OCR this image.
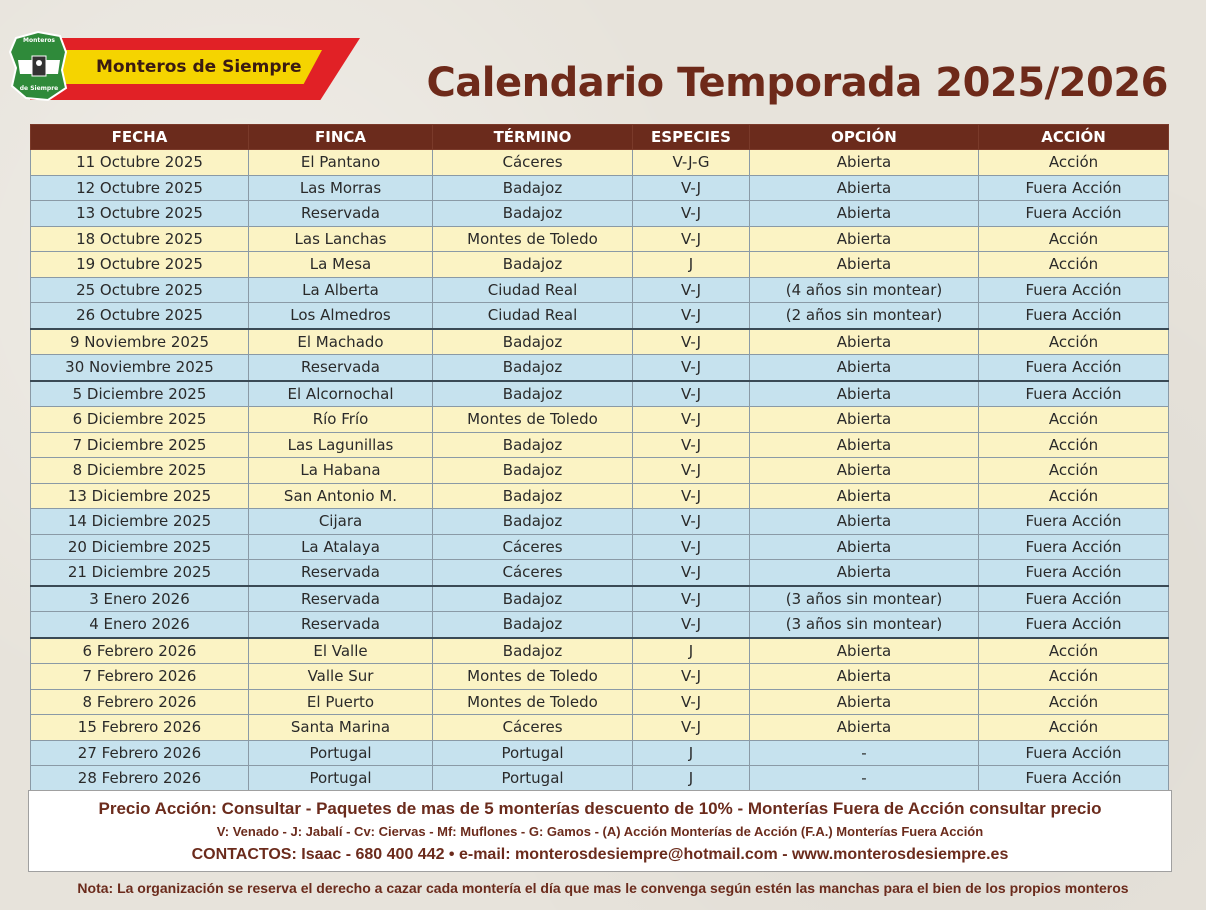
Monteros de Siempre
Monteros
de Siempre	Calendario Temporada 2025/2026
FECHA	FINCA	TÉRMINO	ESPECIES	OPCIÓN	ACCIÓN
11 Octubre 2025	El Pantano	Cáceres	V-J-G	Abierta	Acción
12 Octubre 2025	Las Morras	Badajoz	V-J	Abierta	Fuera Acción
13 Octubre 2025	Reservada	Badajoz	V-J	Abierta	Fuera Acción
18 Octubre 2025	Las Lanchas	Montes de Toledo	V-J	Abierta	Acción
19 Octubre 2025	La Mesa	Badajoz	J	Abierta	Acción
25 Octubre 2025	La Alberta	Ciudad Real	V-J	(4 años sin montear)	Fuera Acción
26 Octubre 2025	Los Almedros	Ciudad Real	V-J	(2 años sin montear)	Fuera Acción
9 Noviembre 2025	El Machado	Badajoz	V-J	Abierta	Acción
30 Noviembre 2025	Reservada	Badajoz	V-J	Abierta	Fuera Acción
5 Diciembre 2025	El Alcornochal	Badajoz	V-J	Abierta	Fuera Acción
6 Diciembre 2025	Río Frío	Montes de Toledo	V-J	Abierta	Acción
7 Diciembre 2025	Las Lagunillas	Badajoz	V-J	Abierta	Acción
8 Diciembre 2025	La Habana	Badajoz	V-J	Abierta	Acción
13 Diciembre 2025	San Antonio M.	Badajoz	V-J	Abierta	Acción
14 Diciembre 2025	Cijara	Badajoz	V-J	Abierta	Fuera Acción
20 Diciembre 2025	La Atalaya	Cáceres	V-J	Abierta	Fuera Acción
21 Diciembre 2025	Reservada	Cáceres	V-J	Abierta	Fuera Acción
3 Enero 2026	Reservada	Badajoz	V-J	(3 años sin montear)	Fuera Acción
4 Enero 2026	Reservada	Badajoz	V-J	(3 años sin montear)	Fuera Acción
6 Febrero 2026	El Valle	Badajoz	J	Abierta	Acción
7 Febrero 2026	Valle Sur	Montes de Toledo	V-J	Abierta	Acción
8 Febrero 2026	El Puerto	Montes de Toledo	V-J	Abierta	Acción
15 Febrero 2026	Santa Marina	Cáceres	V-J	Abierta	Acción
27 Febrero 2026	Portugal	Portugal	J	-	Fuera Acción
28 Febrero 2026	Portugal	Portugal	J	-	Fuera Acción
Precio Acción: Consultar - Paquetes de mas de 5 monterías descuento de 10% - Monterías Fuera de Acción consultar precio
V: Venado - J: Jabalí - Cv: Ciervas - Mf: Muflones - G: Gamos - (A) Acción Monterías de Acción (F.A.) Monterías Fuera Acción
CONTACTOS: Isaac - 680 400 442 • e-mail: monterosdesiempre@hotmail.com - www.monterosdesiempre.es
Nota: La organización se reserva el derecho a cazar cada montería el día que mas le convenga según estén las manchas para el bien de los propios monteros
